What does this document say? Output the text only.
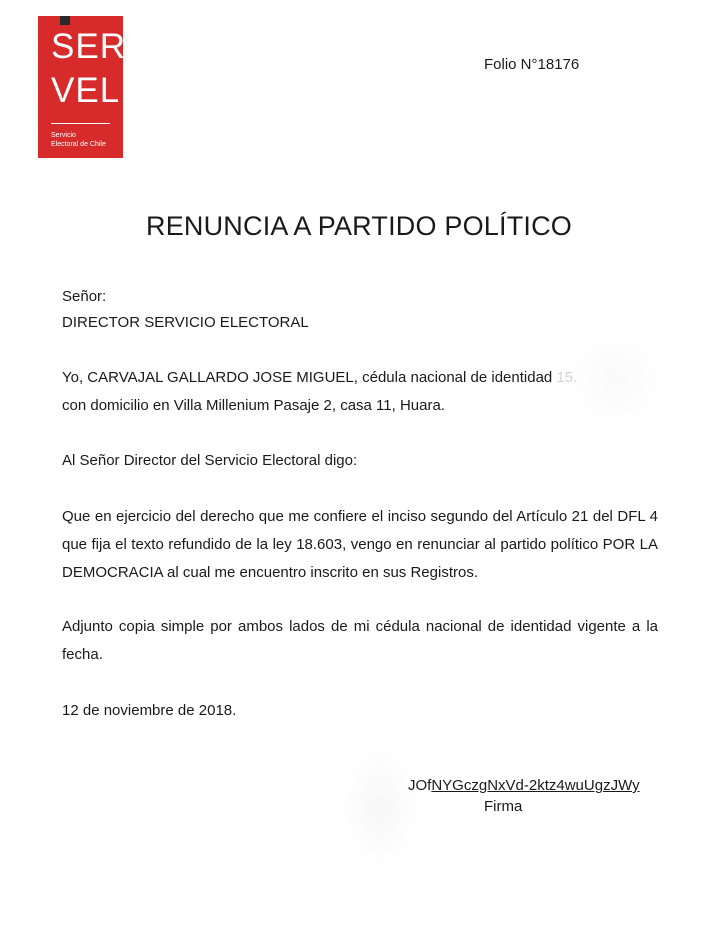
SER
VEL
Servicio
Electoral de Chile
Folio N°18176
RENUNCIA A PARTIDO POLÍTICO
Señor:
DIRECTOR SERVICIO ELECTORAL
Yo, CARVAJAL GALLARDO JOSE MIGUEL, cédula nacional de identidad 15.
con domicilio en Villa Millenium Pasaje 2, casa 11, Huara.
Al Señor Director del Servicio Electoral digo:
Que en ejercicio del derecho que me confiere el inciso segundo del Artículo 21 del DFL 4 que fija el texto refundido de la ley 18.603, vengo en renunciar al partido político POR LA DEMOCRACIA al cual me encuentro inscrito en sus Registros.
Adjunto copia simple por ambos lados de mi cédula nacional de identidad vigente a la fecha.
12 de noviembre de 2018.
JOfNYGczgNxVd-2ktz4wuUgzJWy
Firma
